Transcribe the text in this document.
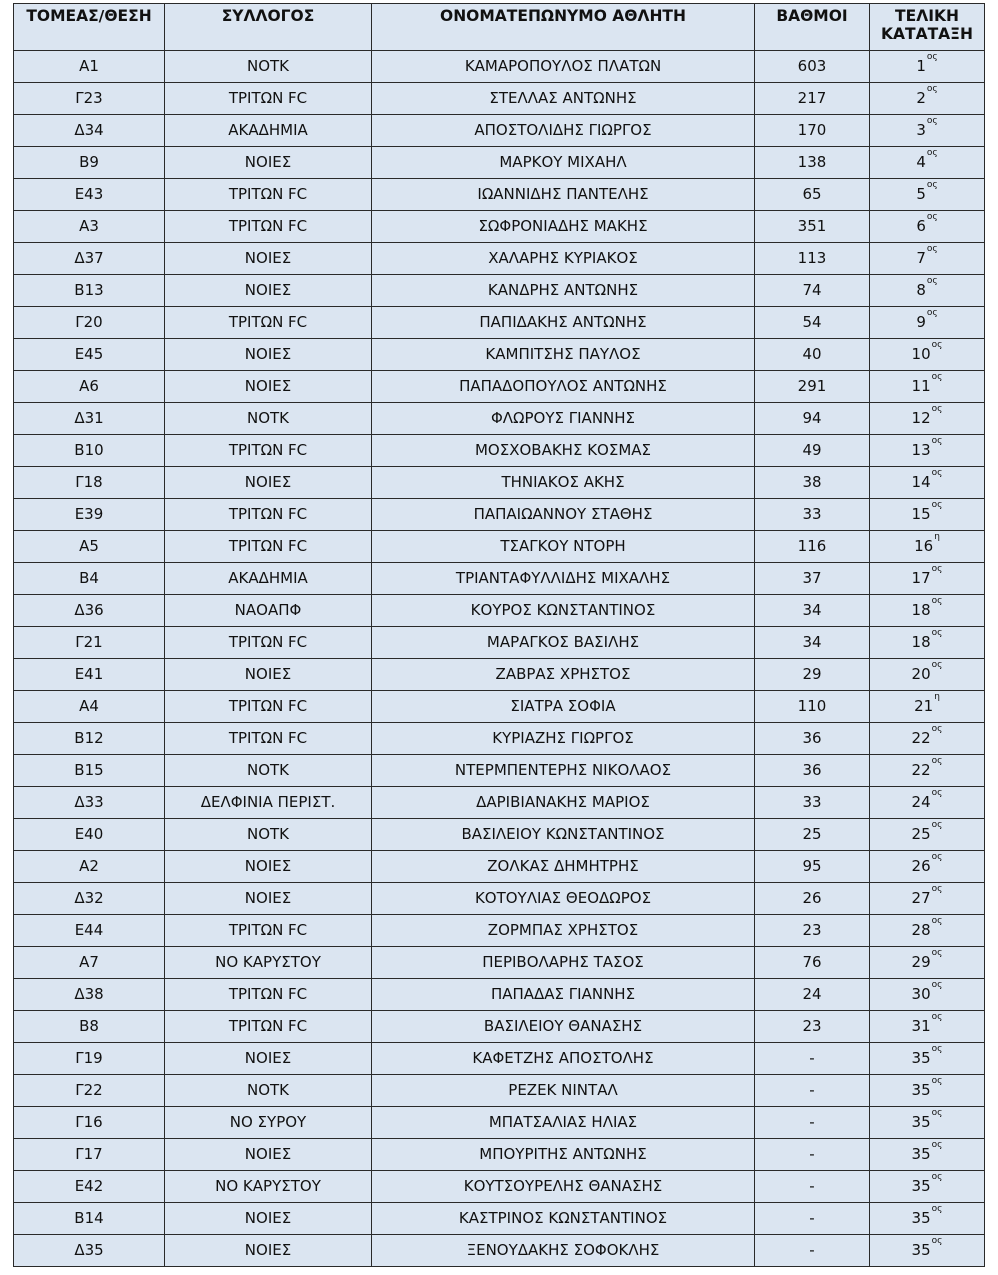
ΤΟΜΕΑΣ/ΘΕΣΗ	ΣΥΛΛΟΓΟΣ	ΟΝΟΜΑΤΕΠΩΝΥΜΟ ΑΘΛΗΤΗ	ΒΑΘΜΟΙ	ΤΕΛΙΚΗ ΚΑΤΑΤΑΞΗ
Α1	ΝΟΤΚ	ΚΑΜΑΡΟΠΟΥΛΟΣ ΠΛΑΤΩΝ	603	$1^{o\varsigma}$
Γ23	ΤΡΙΤΩΝ FC	ΣΤΕΛΛΑΣ ΑΝΤΩΝΗΣ	217	$2^{o\varsigma}$
Δ34	ΑΚΑΔΗΜΙΑ	ΑΠΟΣΤΟΛΙΔΗΣ ΓΙΩΡΓΟΣ	170	$3^{o\varsigma}$
Β9	ΝΟΙΕΣ	ΜΑΡΚΟΥ ΜΙΧΑΗΛ	138	$4^{o\varsigma}$
Ε43	ΤΡΙΤΩΝ FC	ΙΩΑΝΝΙΔΗΣ ΠΑΝΤΕΛΗΣ	65	$5^{o\varsigma}$
Α3	ΤΡΙΤΩΝ FC	ΣΩΦΡΟΝΙΑΔΗΣ ΜΑΚΗΣ	351	$6^{o\varsigma}$
Δ37	ΝΟΙΕΣ	ΧΑΛΑΡΗΣ ΚΥΡΙΑΚΟΣ	113	$7^{o\varsigma}$
Β13	ΝΟΙΕΣ	ΚΑΝΔΡΗΣ ΑΝΤΩΝΗΣ	74	$8^{o\varsigma}$
Γ20	ΤΡΙΤΩΝ FC	ΠΑΠΙΔΑΚΗΣ ΑΝΤΩΝΗΣ	54	$9^{o\varsigma}$
Ε45	ΝΟΙΕΣ	ΚΑΜΠΙΤΣΗΣ ΠΑΥΛΟΣ	40	$10^{o\varsigma}$
Α6	ΝΟΙΕΣ	ΠΑΠΑΔΟΠΟΥΛΟΣ ΑΝΤΩΝΗΣ	291	$11^{o\varsigma}$
Δ31	ΝΟΤΚ	ΦΛΩΡΟΥΣ ΓΙΑΝΝΗΣ	94	$12^{o\varsigma}$
Β10	ΤΡΙΤΩΝ FC	ΜΟΣΧΟΒΑΚΗΣ ΚΟΣΜΑΣ	49	$13^{o\varsigma}$
Γ18	ΝΟΙΕΣ	ΤΗΝΙΑΚΟΣ ΑΚΗΣ	38	$14^{o\varsigma}$
Ε39	ΤΡΙΤΩΝ FC	ΠΑΠΑΙΩΑΝΝΟΥ ΣΤΑΘΗΣ	33	$15^{o\varsigma}$
Α5	ΤΡΙΤΩΝ FC	ΤΣΑΓΚΟΥ ΝΤΟΡΗ	116	$16^\eta$
Β4	ΑΚΑΔΗΜΙΑ	ΤΡΙΑΝΤΑΦΥΛΛΙΔΗΣ ΜΙΧΑΛΗΣ	37	$17^{o\varsigma}$
Δ36	ΝΑΟΑΠΦ	ΚΟΥΡΟΣ ΚΩΝΣΤΑΝΤΙΝΟΣ	34	$18^{o\varsigma}$
Γ21	ΤΡΙΤΩΝ FC	ΜΑΡΑΓΚΟΣ ΒΑΣΙΛΗΣ	34	$18^{o\varsigma}$
Ε41	ΝΟΙΕΣ	ΖΑΒΡΑΣ ΧΡΗΣΤΟΣ	29	$20^{o\varsigma}$
Α4	ΤΡΙΤΩΝ FC	ΣΙΑΤΡΑ ΣΟΦΙΑ	110	$21^\eta$
Β12	ΤΡΙΤΩΝ FC	ΚΥΡΙΑΖΗΣ ΓΙΩΡΓΟΣ	36	$22^{o\varsigma}$
Β15	ΝΟΤΚ	ΝΤΕΡΜΠΕΝΤΕΡΗΣ ΝΙΚΟΛΑΟΣ	36	$22^{o\varsigma}$
Δ33	ΔΕΛΦΙΝΙΑ ΠΕΡΙΣΤ.	ΔΑΡΙΒΙΑΝΑΚΗΣ ΜΑΡΙΟΣ	33	$24^{o\varsigma}$
Ε40	ΝΟΤΚ	ΒΑΣΙΛΕΙΟΥ ΚΩΝΣΤΑΝΤΙΝΟΣ	25	$25^{o\varsigma}$
Α2	ΝΟΙΕΣ	ΖΟΛΚΑΣ ΔΗΜΗΤΡΗΣ	95	$26^{o\varsigma}$
Δ32	ΝΟΙΕΣ	ΚΟΤΟΥΛΙΑΣ ΘΕΟΔΩΡΟΣ	26	$27^{o\varsigma}$
Ε44	ΤΡΙΤΩΝ FC	ΖΟΡΜΠΑΣ ΧΡΗΣΤΟΣ	23	$28^{o\varsigma}$
Α7	ΝΟ ΚΑΡΥΣΤΟΥ	ΠΕΡΙΒΟΛΑΡΗΣ ΤΑΣΟΣ	76	$29^{o\varsigma}$
Δ38	ΤΡΙΤΩΝ FC	ΠΑΠΑΔΑΣ ΓΙΑΝΝΗΣ	24	$30^{o\varsigma}$
Β8	ΤΡΙΤΩΝ FC	ΒΑΣΙΛΕΙΟΥ ΘΑΝΑΣΗΣ	23	$31^{o\varsigma}$
Γ19	ΝΟΙΕΣ	ΚΑΦΕΤΖΗΣ ΑΠΟΣΤΟΛΗΣ	-	$35^{o\varsigma}$
Γ22	ΝΟΤΚ	ΡΕΖΕΚ ΝΙΝΤΑΛ	-	$35^{o\varsigma}$
Γ16	ΝΟ ΣΥΡΟΥ	ΜΠΑΤΣΑΛΙΑΣ ΗΛΙΑΣ	-	$35^{o\varsigma}$
Γ17	ΝΟΙΕΣ	ΜΠΟΥΡΙΤΗΣ ΑΝΤΩΝΗΣ	-	$35^{o\varsigma}$
Ε42	ΝΟ ΚΑΡΥΣΤΟΥ	ΚΟΥΤΣΟΥΡΕΛΗΣ ΘΑΝΑΣΗΣ	-	$35^{o\varsigma}$
Β14	ΝΟΙΕΣ	ΚΑΣΤΡΙΝΟΣ ΚΩΝΣΤΑΝΤΙΝΟΣ	-	$35^{o\varsigma}$
Δ35	ΝΟΙΕΣ	ΞΕΝΟΥΔΑΚΗΣ ΣΟΦΟΚΛΗΣ	-	$35^{o\varsigma}$
